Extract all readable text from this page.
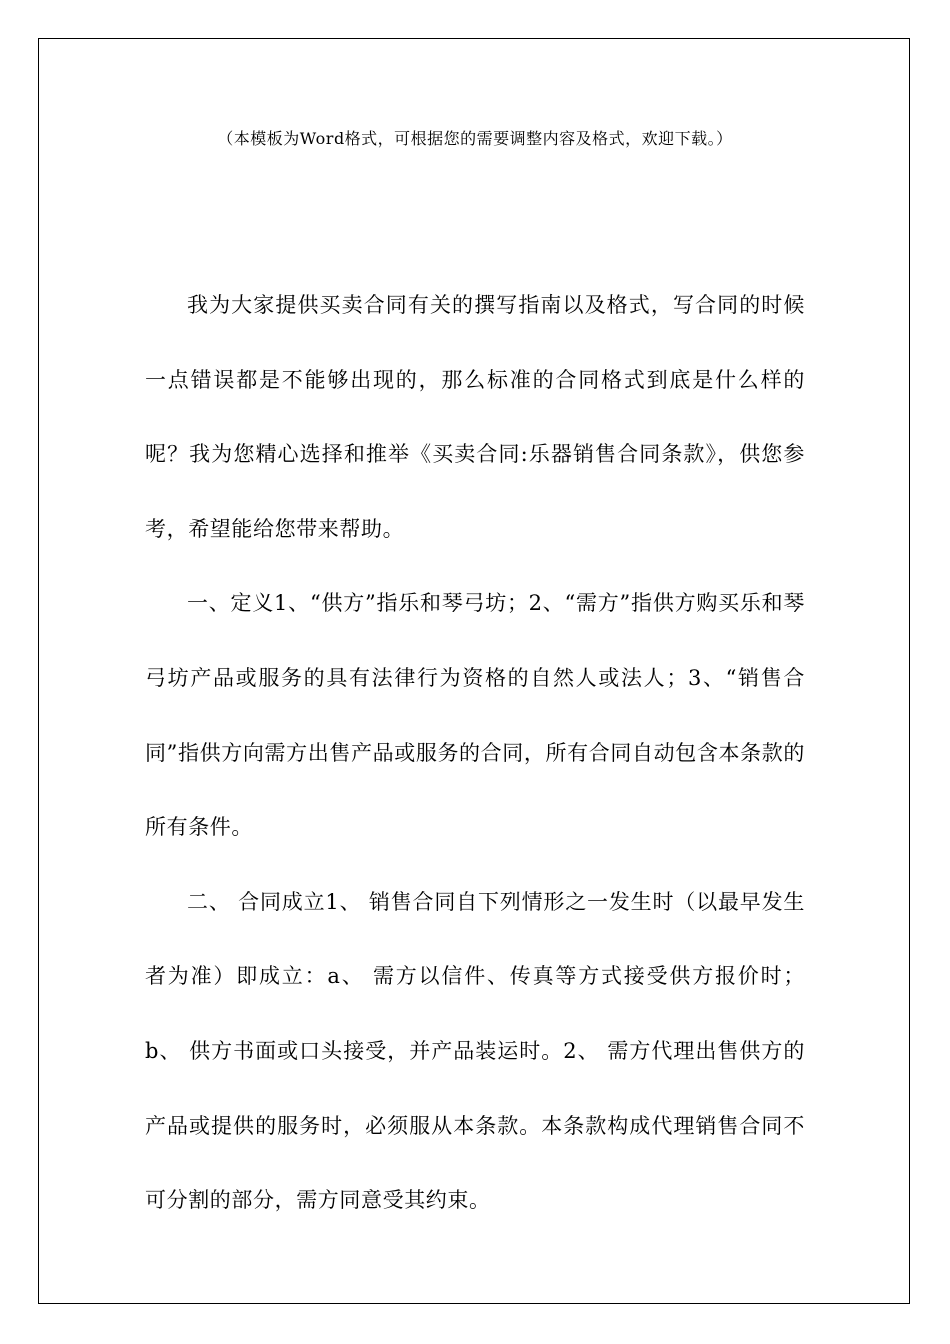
（本模板为Word格式，可根据您的需要调整内容及格式，欢迎下载。）

我为大家提供买卖合同有关的撰写指南以及格式，写合同的时候一点错误都是不能够出现的，那么标准的合同格式到底是什么样的呢？我为您精心选择和推举《买卖合同:乐器销售合同条款》，供您参考，希望能给您带来帮助。

一、定义1、“供方”指乐和琴弓坊；2、“需方”指供方购买乐和琴弓坊产品或服务的具有法律行为资格的自然人或法人；3、“销售合同”指供方向需方出售产品或服务的合同，所有合同自动包含本条款的所有条件。

二、 合同成立1、 销售合同自下列情形之一发生时（以最早发生者为准）即成立：a、 需方以信件、传真等方式接受供方报价时；b、 供方书面或口头接受，并产品装运时。2、 需方代理出售供方的产品或提供的服务时，必须服从本条款。本条款构成代理销售合同不可分割的部分，需方同意受其约束。
